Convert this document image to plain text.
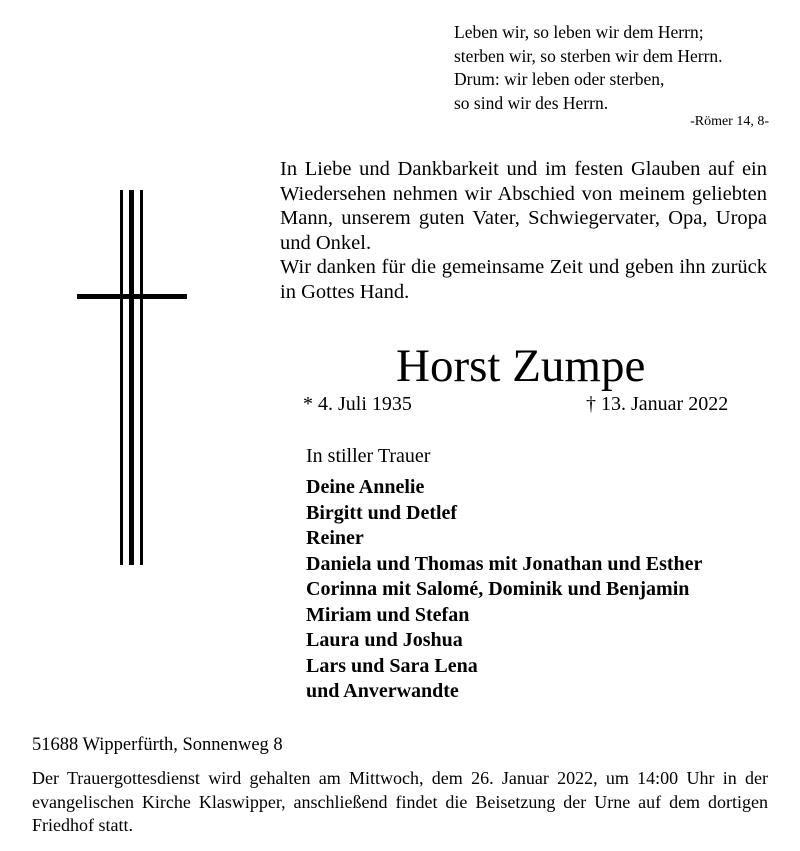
Leben wir, so leben wir dem Herrn;
sterben wir, so sterben wir dem Herrn.
Drum: wir leben oder sterben,
so sind wir des Herrn.
-Römer 14, 8-

In Liebe und Dankbarkeit und im festen Glauben auf ein Wiedersehen nehmen wir Abschied von meinem geliebten Mann, unserem guten Vater, Schwiegervater, Opa, Uropa und Onkel.

Wir danken für die gemeinsame Zeit und geben ihn zurück in Gottes Hand.

Horst Zumpe
* 4. Juli 1935	† 13. Januar 2022
In stiller Trauer
Deine Annelie
Birgitt und Detlef
Reiner
Daniela und Thomas mit Jonathan und Esther
Corinna mit Salomé, Dominik und Benjamin
Miriam und Stefan
Laura und Joshua
Lars und Sara Lena
und Anverwandte
51688 Wipperfürth, Sonnenweg 8
Der Trauergottesdienst wird gehalten am Mittwoch, dem 26. Januar 2022, um 14:00 Uhr in der evangelischen Kirche Klaswipper, anschließend findet die Beisetzung der Urne auf dem dortigen Friedhof statt.
